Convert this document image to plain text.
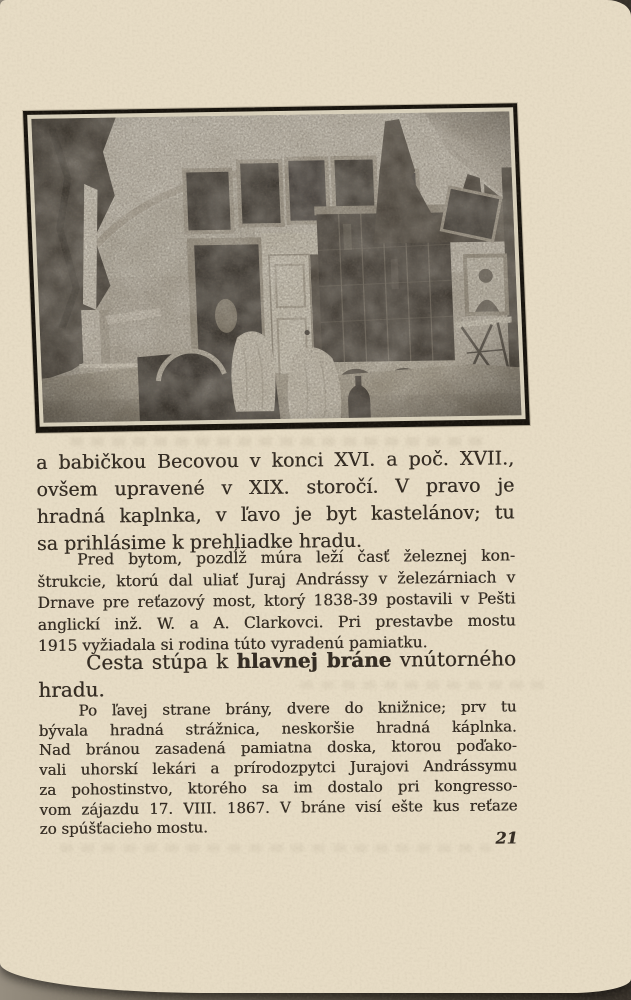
a babičkou Becovou v konci XVI. a poč. XVII.,
ovšem upravené v XIX. storočí. V pravo je
hradná kaplnka, v ľavo je byt kastelánov; tu
sa prihlásime k prehliadke hradu.
Pred bytom, pozdĺž múra leží časť železnej kon-
štrukcie, ktorú dal uliať Juraj Andrássy v železárniach v
Drnave pre reťazový most, ktorý 1838-39 postavili v Pešti
anglickí inž. W. a A. Clarkovci. Pri prestavbe mostu
1915 vyžiadala si rodina túto vyradenú pamiatku.
Cesta stúpa k hlavnej bráne vnútorného
hradu.
Po ľavej strane brány, dvere do knižnice; prv tu
bývala hradná strážnica, neskoršie hradná káplnka.
Nad bránou zasadená pamiatna doska, ktorou poďako-
vali uhorskí lekári a prírodozpytci Jurajovi Andrássymu
za pohostinstvo, ktorého sa im dostalo pri kongresso-
vom zájazdu 17. VIII. 1867. V bráne visí ešte kus reťaze
zo spúšťacieho mostu.	21
